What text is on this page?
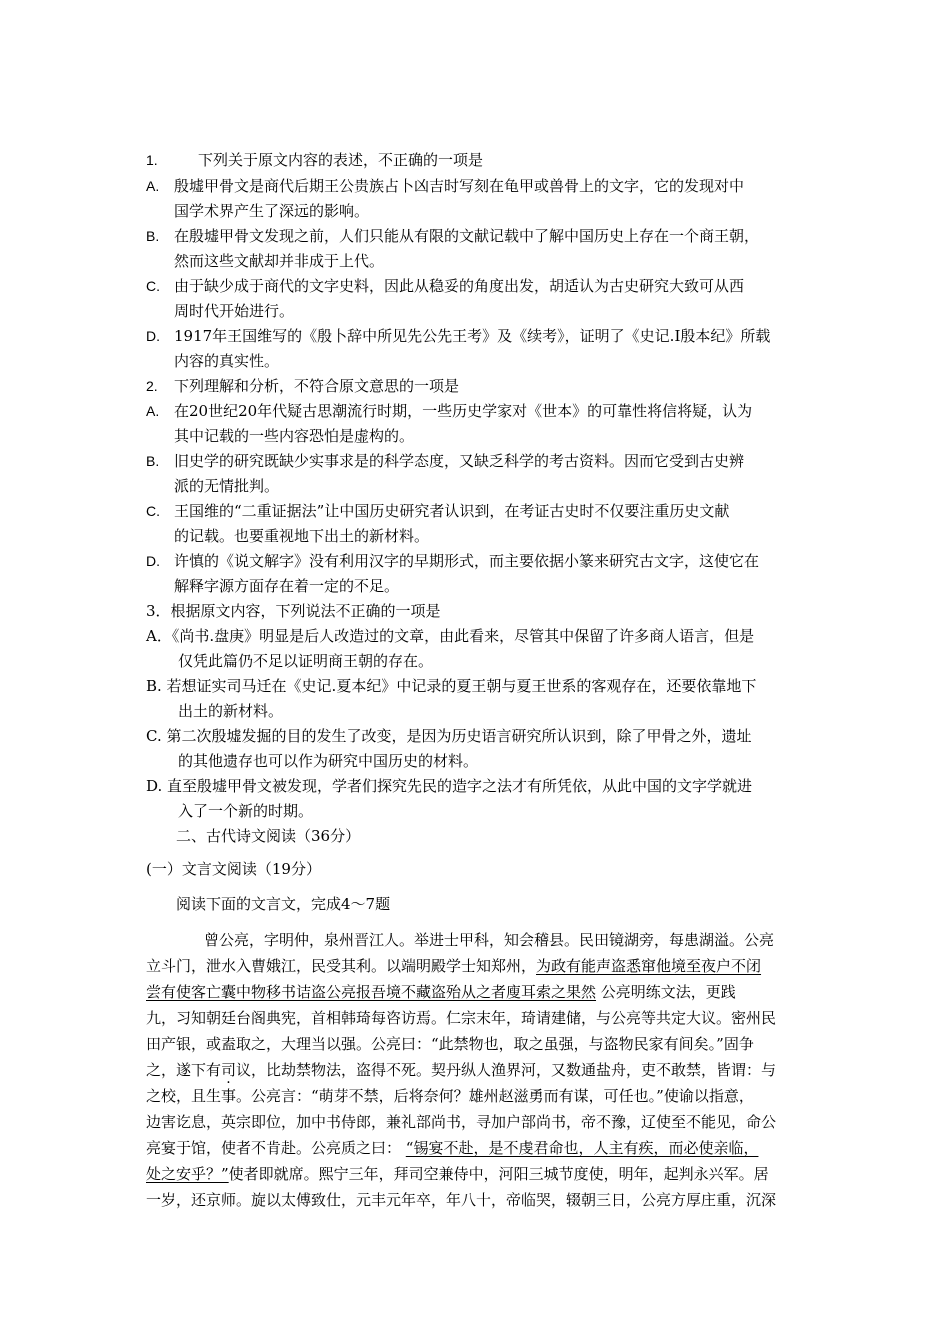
1.	下列关于原文内容的表述，不正确的一项是
A. 殷墟甲骨文是商代后期王公贵族占卜凶吉时写刻在龟甲或兽骨上的文字，它的发现对中
国学术界产生了深远的影响。
B. 在殷墟甲骨文发现之前，人们只能从有限的文献记载中了解中国历史上存在一个商王朝，
然而这些文献却并非成于上代。
C. 由于缺少成于商代的文字史料，因此从稳妥的角度出发，胡适认为古史研究大致可从西
周时代开始进行。
D. 1917年王国维写的《殷卜辞中所见先公先王考》及《续考》，证明了《史记.I殷本纪》所载
内容的真实性。
2. 下列理解和分析，不符合原文意思的一项是
A. 在20世纪20年代疑古思潮流行时期，一些历史学家对《世本》的可靠性将信将疑，认为
其中记载的一些内容恐怕是虚构的。
B. 旧史学的研究既缺少实事求是的科学态度，又缺乏科学的考古资料。因而它受到古史辨
派的无情批判。
C. 王国维的“二重证据法”让中国历史研究者认识到，在考证古史时不仅要注重历史文献
的记载。也要重视地下出土的新材料。
D. 许慎的《说文解字》没有利用汉字的早期形式，而主要依据小篆来研究古文字，这使它在
解释字源方面存在着一定的不足。
3．根据原文内容，下列说法不正确的一项是
A．《尚书.盘庚》明显是后人改造过的文章，由此看来，尽管其中保留了许多商人语言，但是
仅凭此篇仍不足以证明商王朝的存在。
B. 若想证实司马迁在《史记.夏本纪》中记录的夏王朝与夏王世系的客观存在，还要依靠地下
出土的新材料。
C. 第二次殷墟发掘的目的发生了改变，是因为历史语言研究所认识到，除了甲骨之外，遗址
的其他遗存也可以作为研究中国历史的材料。
D. 直至殷墟甲骨文被发现，学者们探究先民的造字之法才有所凭依，从此中国的文字学就进
入了一个新的时期。
二、古代诗文阅读（36分）
(一）文言文阅读（19分）
阅读下面的文言文，完成4〜7题
曾公亮，字明仲，泉州晋江人。举进士甲科，知会稽县。民田镜湖旁，每患湖溢。公亮
立斗门，泄水入曹娥江，民受其利。以端明殿学士知郑州，为政有能声盗悉窜他境至夜户不闭
尝有使客亡囊中物移书诘盗公亮报吾境不藏盗殆从之者廋耳索之果然 公亮明练文法，更践
九，习知朝廷台阁典宪，首相韩琦每咨访焉。仁宗末年，琦请建储，与公亮等共定大议。密州民
田产银，或盍取之，大理当以强。公亮曰：“此禁物也，取之虽强，与盗物民家有间矣。”固争
之，遂下有司议，比劫禁物法，盗得不死。契丹纵人渔界河，又数通盐舟，吏不敢禁，皆谓：与
之校，且生事。公亮言：“萌芽不禁，后将奈何？雄州赵滋勇而有谋，可任也。”使谕以指意，
边害讫息，英宗即位，加中书侍郎，兼礼部尚书，寻加户部尚书，帝不豫，辽使至不能见，命公
亮宴于馆，使者不肯赴。公亮质之曰： “锡宴不赴，是不虔君命也，人主有疾，而必使亲临，
处之安乎？”使者即就席。熙宁三年，拜司空兼侍中，河阳三城节度使，明年，起判永兴军。居
一岁，还京师。旋以太傅致仕，元丰元年卒，年八十，帝临哭，辍朝三日，公亮方厚庄重，沉深
